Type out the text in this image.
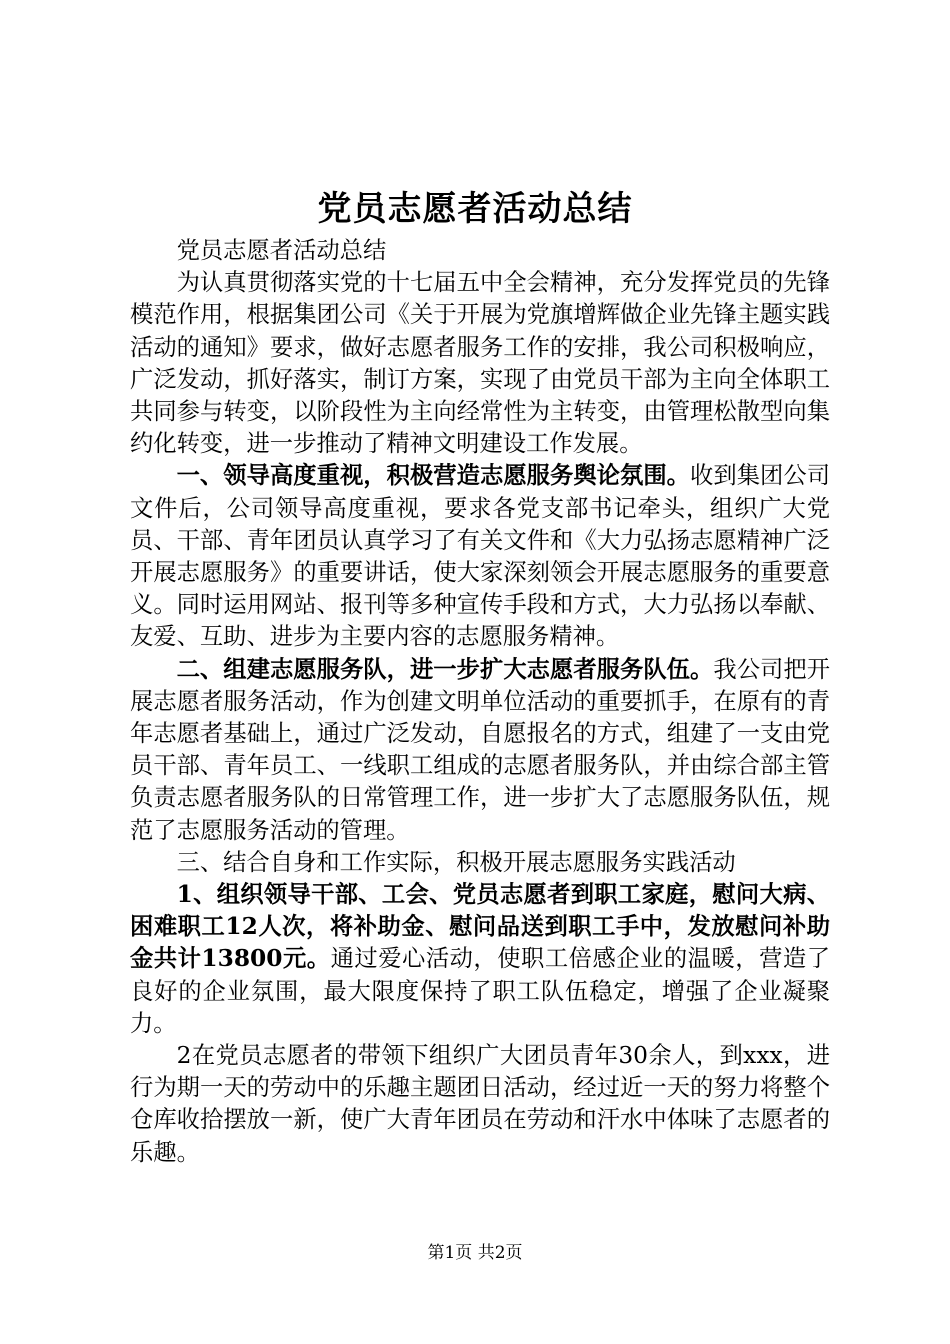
党员志愿者活动总结

党员志愿者活动总结

为认真贯彻落实党的十七届五中全会精神，充分发挥党员的先锋模范作用，根据集团公司《关于开展为党旗增辉做企业先锋主题实践活动的通知》要求，做好志愿者服务工作的安排，我公司积极响应，广泛发动，抓好落实，制订方案，实现了由党员干部为主向全体职工共同参与转变，以阶段性为主向经常性为主转变，由管理松散型向集约化转变，进一步推动了精神文明建设工作发展。

一、领导高度重视，积极营造志愿服务舆论氛围。收到集团公司文件后，公司领导高度重视，要求各党支部书记牵头，组织广大党员、干部、青年团员认真学习了有关文件和《大力弘扬志愿精神广泛开展志愿服务》的重要讲话，使大家深刻领会开展志愿服务的重要意义。同时运用网站、报刊等多种宣传手段和方式，大力弘扬以奉献、友爱、互助、进步为主要内容的志愿服务精神。

二、组建志愿服务队，进一步扩大志愿者服务队伍。我公司把开展志愿者服务活动，作为创建文明单位活动的重要抓手，在原有的青年志愿者基础上，通过广泛发动，自愿报名的方式，组建了一支由党员干部、青年员工、一线职工组成的志愿者服务队，并由综合部主管负责志愿者服务队的日常管理工作，进一步扩大了志愿服务队伍，规范了志愿服务活动的管理。

三、结合自身和工作实际，积极开展志愿服务实践活动

1、组织领导干部、工会、党员志愿者到职工家庭，慰问大病、困难职工12人次，将补助金、慰问品送到职工手中，发放慰问补助金共计13800元。通过爱心活动，使职工倍感企业的温暖，营造了良好的企业氛围，最大限度保持了职工队伍稳定，增强了企业凝聚力。

2在党员志愿者的带领下组织广大团员青年30余人，到xxx，进行为期一天的劳动中的乐趣主题团日活动，经过近一天的努力将整个仓库收拾摆放一新，使广大青年团员在劳动和汗水中体味了志愿者的乐趣。

第1页 共2页
